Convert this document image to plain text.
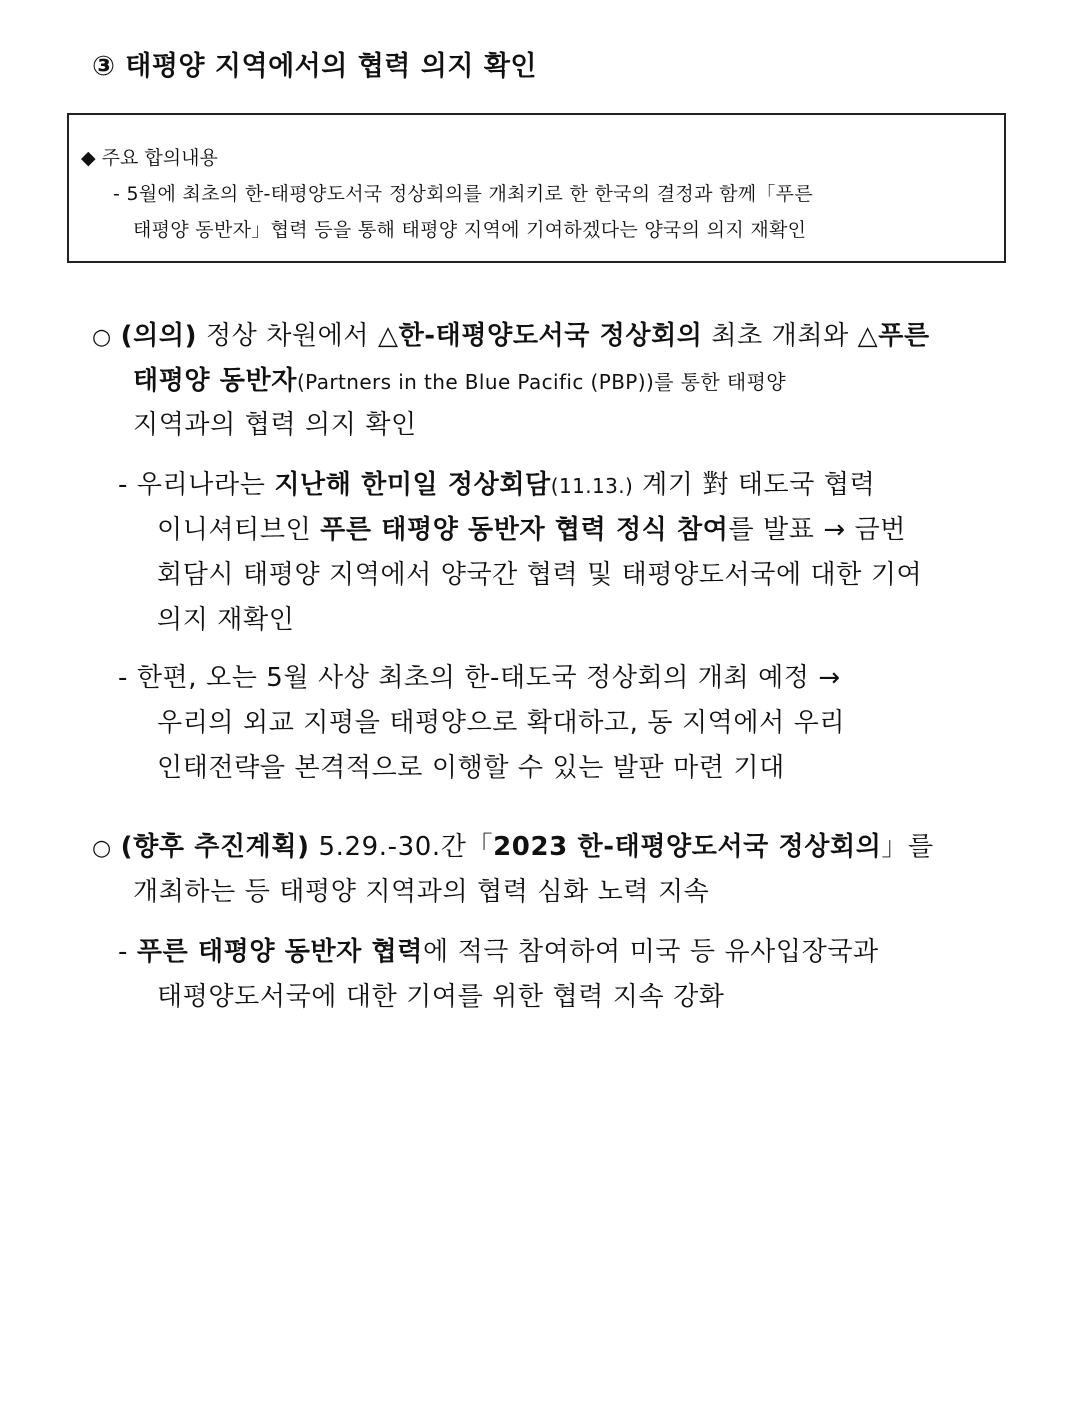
③ 태평양 지역에서의 협력 의지 확인
◆ 주요 합의내용
- 5월에 최초의 한-태평양도서국 정상회의를 개최키로 한 한국의 결정과 함께「푸른
태평양 동반자」협력 등을 통해 태평양 지역에 기여하겠다는 양국의 의지 재확인
○ (의의) 정상 차원에서 △한-태평양도서국 정상회의 최초 개최와 △푸른
태평양 동반자(Partners in the Blue Pacific (PBP))를 통한 태평양
지역과의 협력 의지 확인
- 우리나라는 지난해 한미일 정상회담(11.13.) 계기 對 태도국 협력
이니셔티브인 푸른 태평양 동반자 협력 정식 참여를 발표 → 금번
회담시 태평양 지역에서 양국간 협력 및 태평양도서국에 대한 기여
의지 재확인
- 한편, 오는 5월 사상 최초의 한-태도국 정상회의 개최 예정 →
우리의 외교 지평을 태평양으로 확대하고, 동 지역에서 우리
인태전략을 본격적으로 이행할 수 있는 발판 마련 기대
○ (향후 추진계획) 5.29.-30.간「2023 한-태평양도서국 정상회의」를
개최하는 등 태평양 지역과의 협력 심화 노력 지속
- 푸른 태평양 동반자 협력에 적극 참여하여 미국 등 유사입장국과
태평양도서국에 대한 기여를 위한 협력 지속 강화
